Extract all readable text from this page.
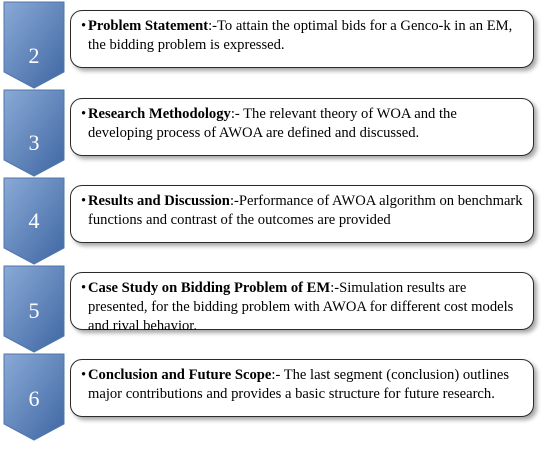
2
3
4
5
6
• Problem Statement:-To attain the optimal bids for a Genco-k in an EM, the bidding problem is expressed.
• Research Methodology:- The relevant theory of WOA and the developing process of AWOA are defined and discussed.
• Results and Discussion:-Performance of AWOA algorithm on benchmark functions and contrast of the outcomes are provided
• Case Study on Bidding Problem of EM:-Simulation results are presented, for the bidding problem with AWOA for different cost models and rival behavior.
• Conclusion and Future Scope:- The last segment (conclusion) outlines major contributions and provides a basic structure for future research.
